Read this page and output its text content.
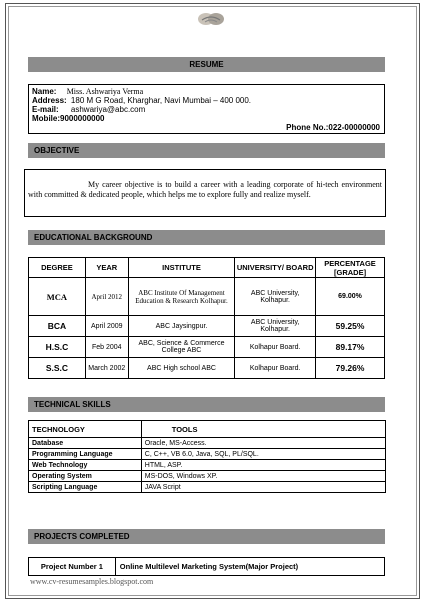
RESUME
Name: Miss. Ashwariya Verma
Address: 180 M G Road, Kharghar, Navi Mumbai – 400 000.
E-mail: ashwariya@abc.com
Mobile:9000000000
Phone No.:022-00000000
OBJECTIVE
My career objective is to build a career with a leading corporate of hi-tech environment with committed & dedicated people, which helps me to explore fully and realize myself.
EDUCATIONAL BACKGROUND
DEGREE	YEAR	INSTITUTE	UNIVERSITY/ BOARD	PERCENTAGE [GRADE]
MCA	April 2012	ABC Institute Of Management Education & Research Kolhapur.	ABC University, Kolhapur.	69.00%
BCA	April 2009	ABC Jaysingpur.	ABC University, Kolhapur.	59.25%
H.S.C	Feb 2004	ABC, Science & Commerce College ABC	Kolhapur Board.	89.17%
S.S.C	March 2002	ABC High school ABC	Kolhapur Board.	79.26%
TECHNICAL SKILLS
TECHNOLOGY	TOOLS
Database	Oracle, MS-Access.
Programming Language	C, C++, VB 6.0, Java, SQL, PL/SQL.
Web Technology	HTML, ASP.
Operating System	MS-DOS, Windows XP.
Scripting Language	JAVA Script
PROJECTS COMPLETED
Project Number 1	Online Multilevel Marketing System(Major Project)
www.cv-resumesamples.blogspot.com
